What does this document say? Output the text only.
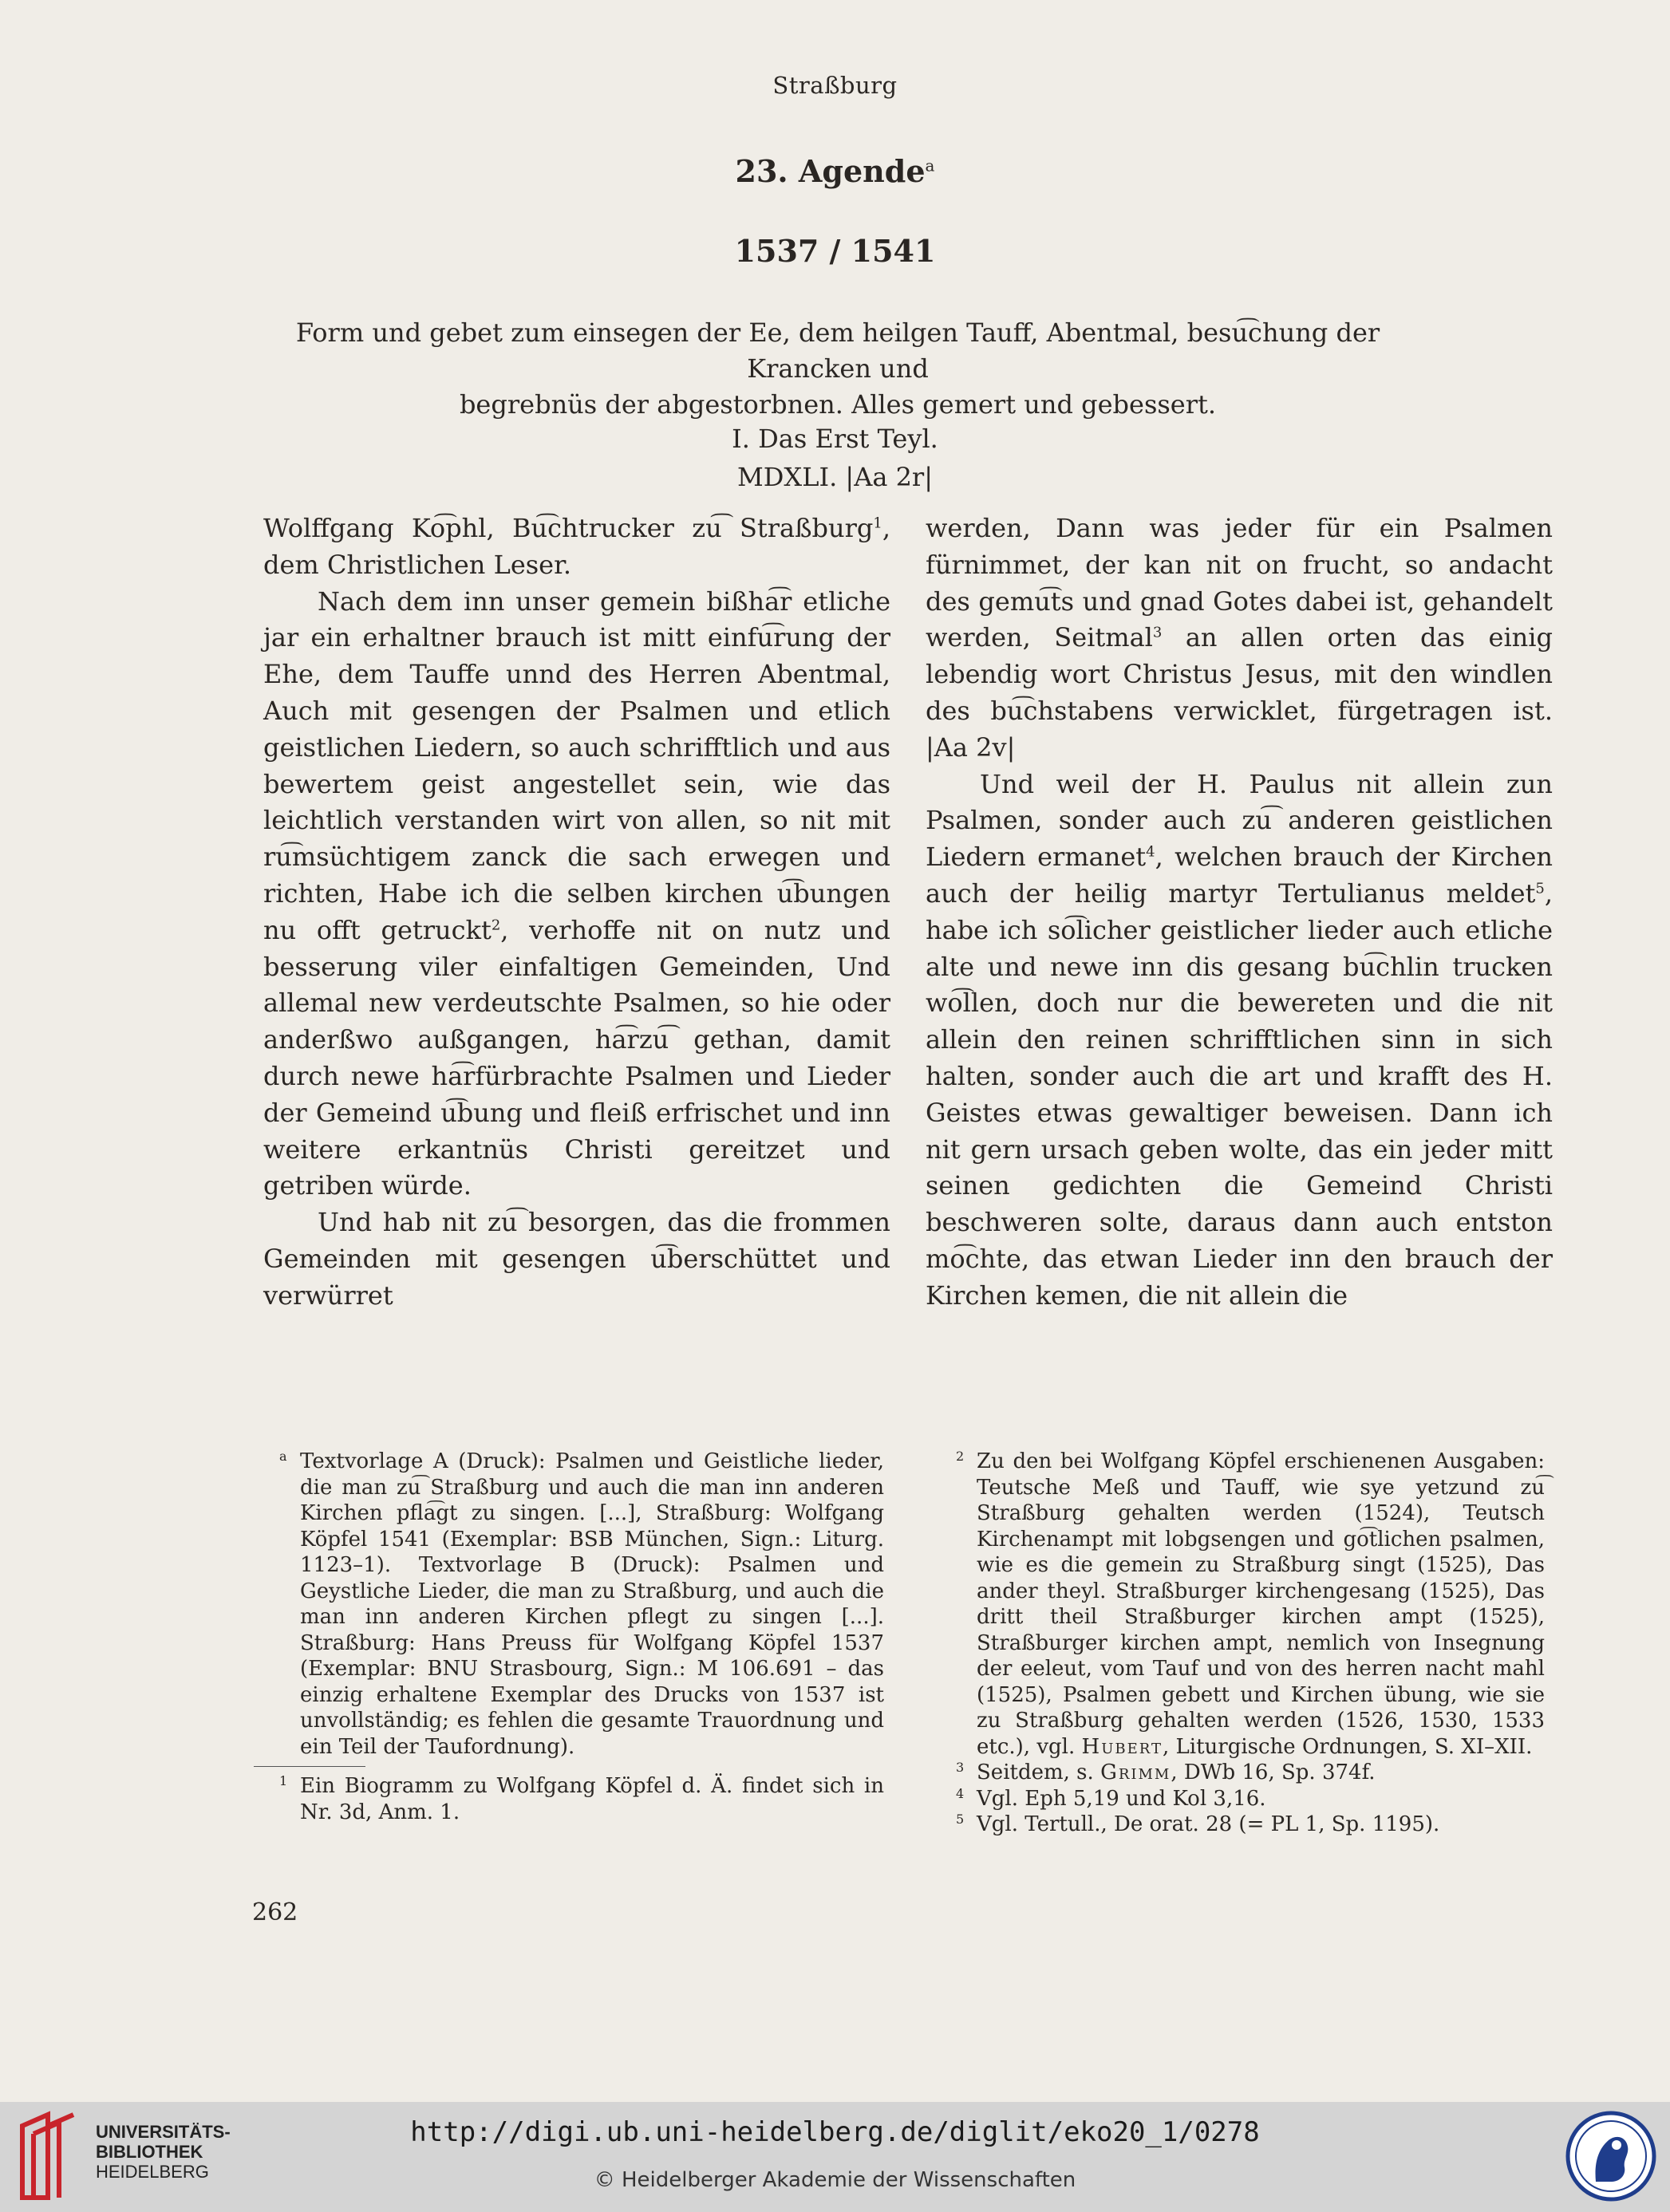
Straßburg
23. Agende$^a$
1537 / 1541
Form und gebet zum einsegen der Ee, dem heilgen Tauff, Abentmal, besu͡chung der Krancken und
begrebnüs der abgestorbnen. Alles gemert und gebessert.
I. Das Erst Teyl.
MDXLI. |Aa 2r|

Wolffgang Ko͡phl, Bu͡chtrucker zu͡ Straßburg$^1$, dem Christlichen Leser.

Nach dem inn unser gemein bißha͡r etliche jar ein erhaltner brauch ist mitt einfu͡rung der Ehe, dem Tauffe unnd des Herren Abentmal, Auch mit gesengen der Psalmen und etlich geistlichen Liedern, so auch schrifftlich und aus bewertem geist angestellet sein, wie das leichtlich verstanden wirt von allen, so nit mit ru͡msüchtigem zanck die sach erwegen und richten, Habe ich die selben kirchen u͡bungen nu offt getruckt$^2$, verhoffe nit on nutz und besserung viler einfaltigen Gemeinden, Und allemal new verdeutschte Psalmen, so hie oder anderßwo außgangen, ha͡rzu͡ gethan, damit durch newe ha͡rfürbrachte Psalmen und Lieder der Gemeind u͡bung und fleiß erfrischet und inn weitere erkantnüs Christi gereitzet und getriben würde.

Und hab nit zu͡ besorgen, das die frommen Gemeinden mit gesengen u͡berschüttet und verwürret

werden, Dann was jeder für ein Psalmen fürnimmet, der kan nit on frucht, so andacht des gemu͡ts und gnad Gotes dabei ist, gehandelt werden, Seitmal$^3$ an allen orten das einig lebendig wort Christus Jesus, mit den windlen des bu͡chstabens verwicklet, fürgetragen ist. |Aa 2v|

Und weil der H. Paulus nit allein zun Psalmen, sonder auch zu͡ anderen geistlichen Liedern ermanet$^4$, welchen brauch der Kirchen auch der heilig martyr Tertulianus meldet$^5$, habe ich so͡licher geistlicher lieder auch etliche alte und newe inn dis gesang bu͡chlin trucken wo͡llen, doch nur die bewereten und die nit allein den reinen schrifftlichen sinn in sich halten, sonder auch die art und krafft des H. Geistes etwas gewaltiger beweisen. Dann ich nit gern ursach geben wolte, das ein jeder mitt seinen gedichten die Gemeind Christi beschweren solte, daraus dann auch entston mo͡chte, das etwan Lieder inn den brauch der Kirchen kemen, die nit allein die

a Textvorlage A (Druck): Psalmen und Geistliche lieder, die man zu͡ Straßburg und auch die man inn anderen Kirchen pfla͡gt zu singen. [...], Straßburg: Wolfgang Köpfel 1541 (Exemplar: BSB München, Sign.: Liturg. 1123–1). Textvorlage B (Druck): Psalmen und Geystliche Lieder, die man zu Straßburg, und auch die man inn anderen Kirchen pflegt zu singen [...]. Straßburg: Hans Preuss für Wolfgang Köpfel 1537 (Exemplar: BNU Strasbourg, Sign.: M 106.691 – das einzig erhaltene Exemplar des Drucks von 1537 ist unvollständig; es fehlen die gesamte Trauordnung und ein Teil der Taufordnung).

1 Ein Biogramm zu Wolfgang Köpfel d. Ä. findet sich in Nr. 3d, Anm. 1.

2 Zu den bei Wolfgang Köpfel erschienenen Ausgaben: Teutsche Meß und Tauff, wie sye yetzund zu͡ Straßburg gehalten werden (1524), Teutsch Kirchenampt mit lobgsengen und go͡tlichen psalmen, wie es die gemein zu Straßburg singt (1525), Das ander theyl. Straßburger kirchengesang (1525), Das dritt theil Straßburger kirchen ampt (1525), Straßburger kirchen ampt, nemlich von Insegnung der eeleut, vom Tauf und von des herren nacht mahl (1525), Psalmen gebett und Kirchen übung, wie sie zu Straßburg gehalten werden (1526, 1530, 1533 etc.), vgl. Hubert, Liturgische Ordnungen, S. XI–XII.

3 Seitdem, s. Grimm, DWb 16, Sp. 374f.

4 Vgl. Eph 5,19 und Kol 3,16.

5 Vgl. Tertull., De orat. 28 (= PL 1, Sp. 1195).

262
UNIVERSITÄTS-
BIBLIOTHEK
HEIDELBERG
http://digi.ub.uni-heidelberg.de/diglit/eko20_1/0278
© Heidelberger Akademie der Wissenschaften
